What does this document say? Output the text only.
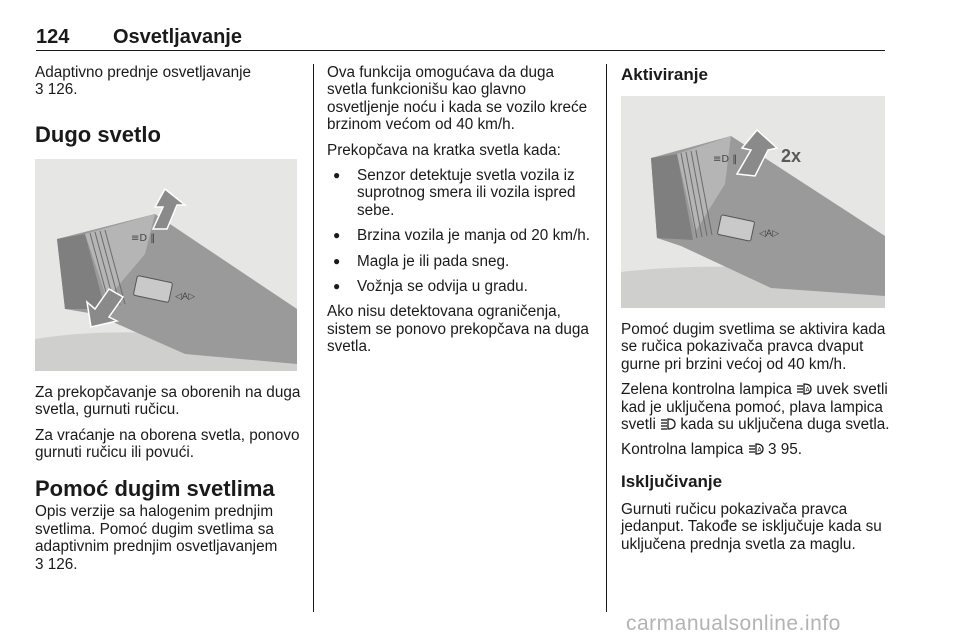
124 Osvetljavanje
Adaptivno prednje osvetljavanje
3 126.
Dugo svetlo
≡D ‖
◁A▷

Za prekopčavanje sa oborenih na duga svetla, gurnuti ručicu.

Za vraćanje na oborena svetla, ponovo gurnuti ručicu ili povući.

Pomoć dugim svetlima
Opis verzije sa halogenim prednjim svetlima. Pomoć dugim svetlima sa adaptivnim prednjim osvetljavanjem
3 126.

Ova funkcija omogućava da duga svetla funkcionišu kao glavno osvetljenje noću i kada se vozilo kreće brzinom većom od 40 km/h.

Prekopčava na kratka svetla kada:

● Senzor detektuje svetla vozila iz suprotnog smera ili vozila ispred sebe.
● Brzina vozila je manja od 20 km/h.
● Magla je ili pada sneg.
● Vožnja se odvija u gradu.

Ako nisu detektovana ograničenja, sistem se ponovo prekopčava na duga svetla.

Aktiviranje
≡D ‖
◁A▷
2x

Pomoć dugim svetlima se aktivira kada se ručica pokazivača pravca dvaput gurne pri brzini većoj od 40 km/h.

Zelena kontrolna lampica A uvek svetli kad je uključena pomoć, plava lampica svetli kada su uključena duga svetla.

Kontrolna lampica A 3 95.

Isključivanje

Gurnuti ručicu pokazivača pravca jedanput. Takođe se isključuje kada su uključena prednja svetla za maglu.

carmanualsonline.info
